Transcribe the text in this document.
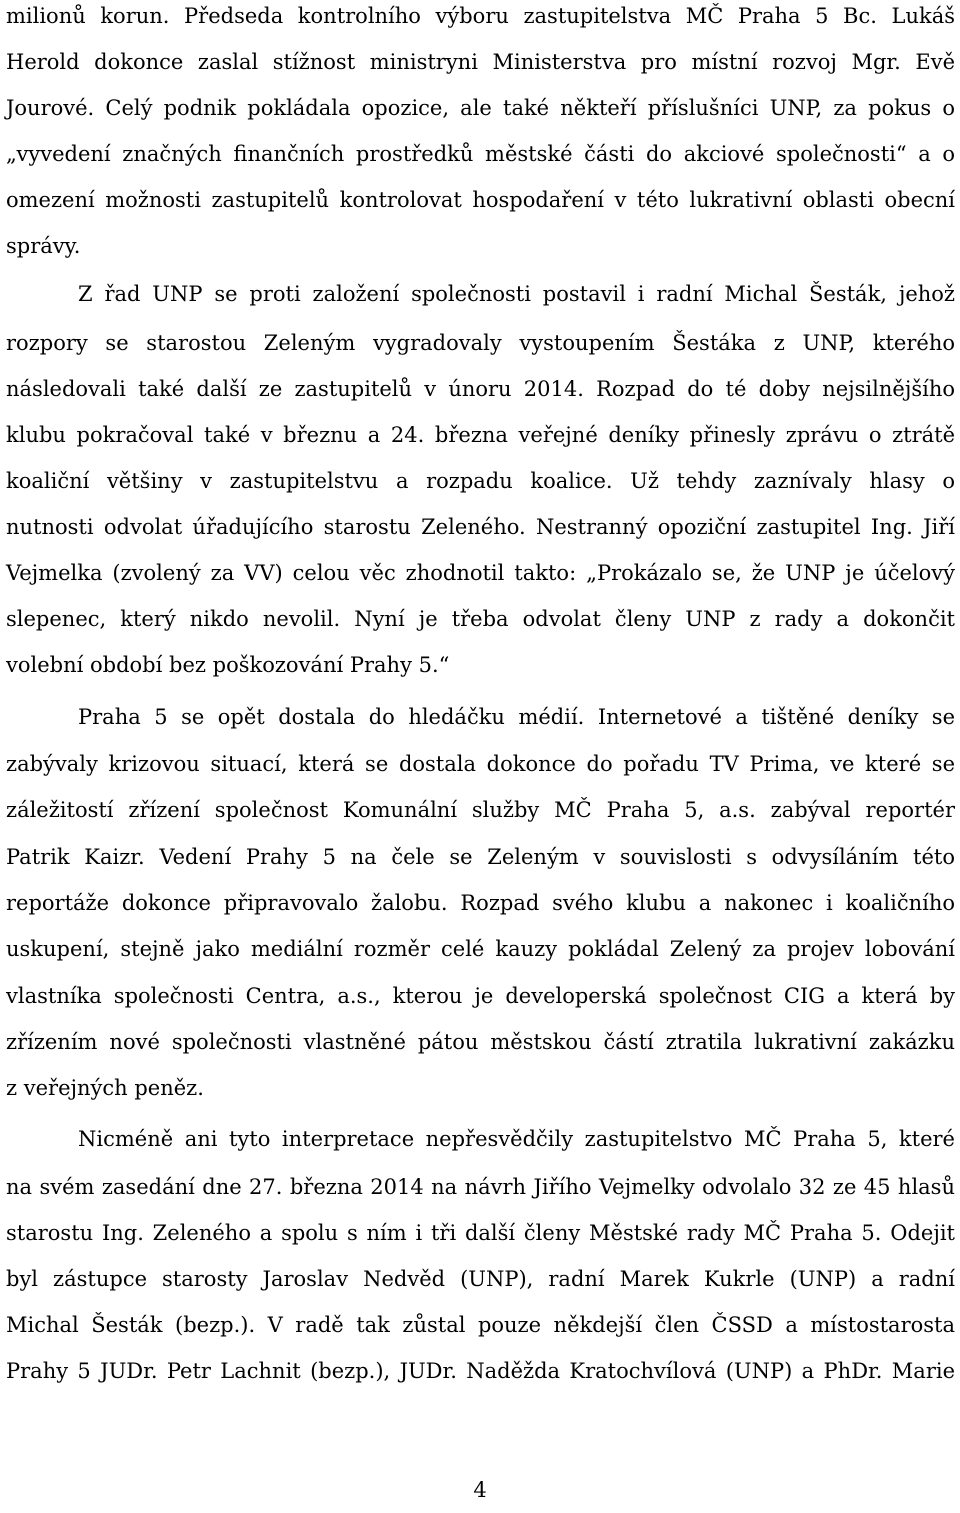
milionů korun. Předseda kontrolního výboru zastupitelstva MČ Praha 5 Bc. Lukáš
Herold dokonce zaslal stížnost ministryni Ministerstva pro místní rozvoj Mgr. Evě
Jourové. Celý podnik pokládala opozice, ale také někteří příslušníci UNP, za pokus o
„vyvedení značných finančních prostředků městské části do akciové společnosti“ a o
omezení možnosti zastupitelů kontrolovat hospodaření v této lukrativní oblasti obecní
správy.
Z řad UNP se proti založení společnosti postavil i radní Michal Šesták, jehož
rozpory se starostou Zeleným vygradovaly vystoupením Šestáka z UNP, kterého
následovali také další ze zastupitelů v únoru 2014. Rozpad do té doby nejsilnějšího
klubu pokračoval také v březnu a 24. března veřejné deníky přinesly zprávu o ztrátě
koaliční většiny v zastupitelstvu a rozpadu koalice. Už tehdy zaznívaly hlasy o
nutnosti odvolat úřadujícího starostu Zeleného. Nestranný opoziční zastupitel Ing. Jiří
Vejmelka (zvolený za VV) celou věc zhodnotil takto: „Prokázalo se, že UNP je účelový
slepenec, který nikdo nevolil. Nyní je třeba odvolat členy UNP z rady a dokončit
volební období bez poškozování Prahy 5.“
Praha 5 se opět dostala do hledáčku médií. Internetové a tištěné deníky se
zabývaly krizovou situací, která se dostala dokonce do pořadu TV Prima, ve které se
záležitostí zřízení společnost Komunální služby MČ Praha 5, a.s. zabýval reportér
Patrik Kaizr. Vedení Prahy 5 na čele se Zeleným v souvislosti s odvysíláním této
reportáže dokonce připravovalo žalobu. Rozpad svého klubu a nakonec i koaličního
uskupení, stejně jako mediální rozměr celé kauzy pokládal Zelený za projev lobování
vlastníka společnosti Centra, a.s., kterou je developerská společnost CIG a která by
zřízením nové společnosti vlastněné pátou městskou částí ztratila lukrativní zakázku
z veřejných peněz.
Nicméně ani tyto interpretace nepřesvědčily zastupitelstvo MČ Praha 5, které
na svém zasedání dne 27. března 2014 na návrh Jiřího Vejmelky odvolalo 32 ze 45 hlasů
starostu Ing. Zeleného a spolu s ním i tři další členy Městské rady MČ Praha 5. Odejit
byl zástupce starosty Jaroslav Nedvěd (UNP), radní Marek Kukrle (UNP) a radní
Michal Šesták (bezp.). V radě tak zůstal pouze někdejší člen ČSSD a místostarosta
Prahy 5 JUDr. Petr Lachnit (bezp.), JUDr. Naděžda Kratochvílová (UNP) a PhDr. Marie
4
